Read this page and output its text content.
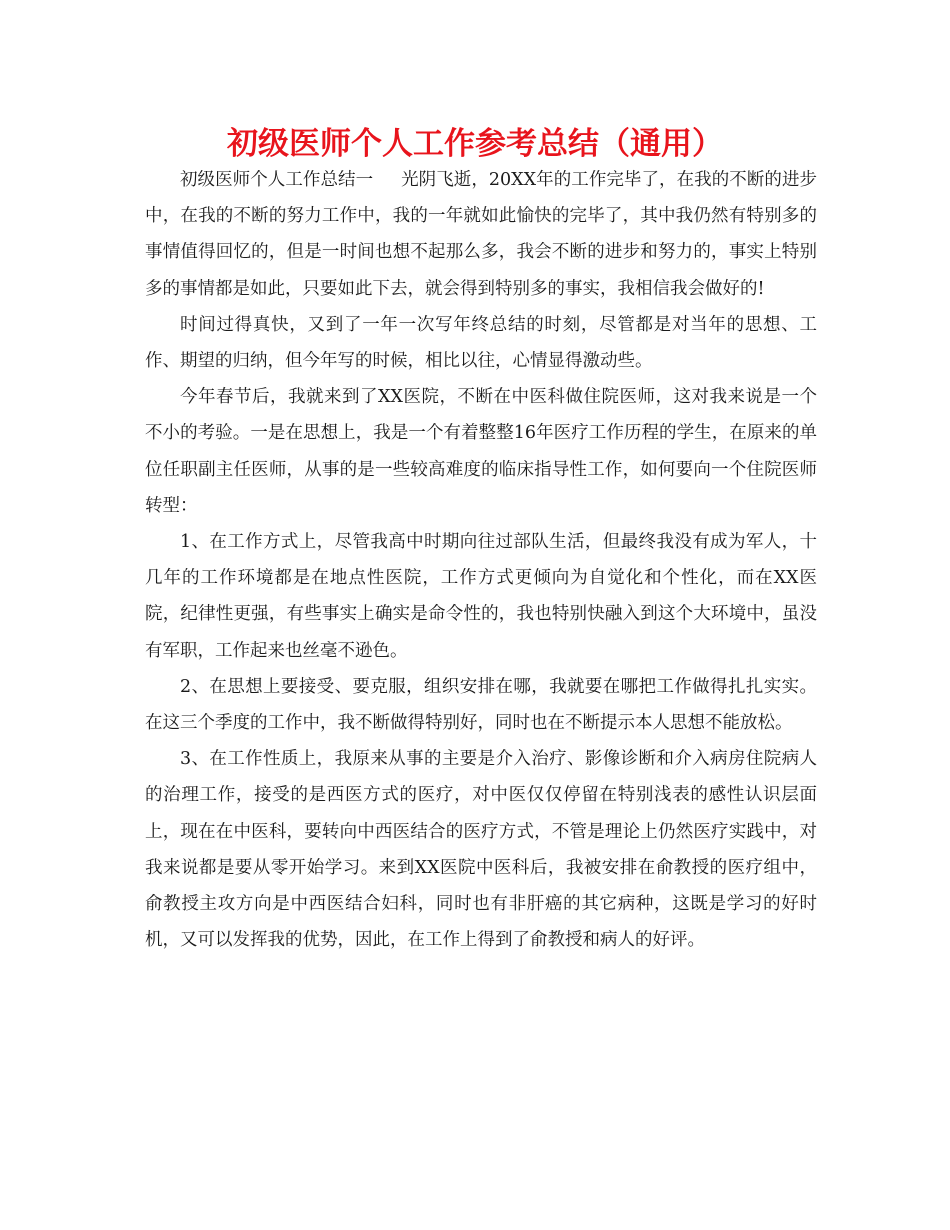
初级医师个人工作参考总结（通用）

初级医师个人工作总结一 光阴飞逝，20XX年的工作完毕了，在我的不断的进步中，在我的不断的努力工作中，我的一年就如此愉快的完毕了，其中我仍然有特别多的事情值得回忆的，但是一时间也想不起那么多，我会不断的进步和努力的，事实上特别多的事情都是如此，只要如此下去，就会得到特别多的事实，我相信我会做好的!

时间过得真快，又到了一年一次写年终总结的时刻，尽管都是对当年的思想、工作、期望的归纳，但今年写的时候，相比以往，心情显得激动些。

今年春节后，我就来到了XX医院，不断在中医科做住院医师，这对我来说是一个不小的考验。一是在思想上，我是一个有着整整16年医疗工作历程的学生，在原来的单位任职副主任医师，从事的是一些较高难度的临床指导性工作，如何要向一个住院医师转型：

1、在工作方式上，尽管我高中时期向往过部队生活，但最终我没有成为军人，十几年的工作环境都是在地点性医院，工作方式更倾向为自觉化和个性化，而在XX医院，纪律性更强，有些事实上确实是命令性的，我也特别快融入到这个大环境中，虽没有军职，工作起来也丝毫不逊色。

2、在思想上要接受、要克服，组织安排在哪，我就要在哪把工作做得扎扎实实。在这三个季度的工作中，我不断做得特别好，同时也在不断提示本人思想不能放松。

3、在工作性质上，我原来从事的主要是介入治疗、影像诊断和介入病房住院病人的治理工作，接受的是西医方式的医疗，对中医仅仅停留在特别浅表的感性认识层面上，现在在中医科，要转向中西医结合的医疗方式，不管是理论上仍然医疗实践中，对我来说都是要从零开始学习。来到XX医院中医科后，我被安排在俞教授的医疗组中，俞教授主攻方向是中西医结合妇科，同时也有非肝癌的其它病种，这既是学习的好时机，又可以发挥我的优势，因此，在工作上得到了俞教授和病人的好评。
